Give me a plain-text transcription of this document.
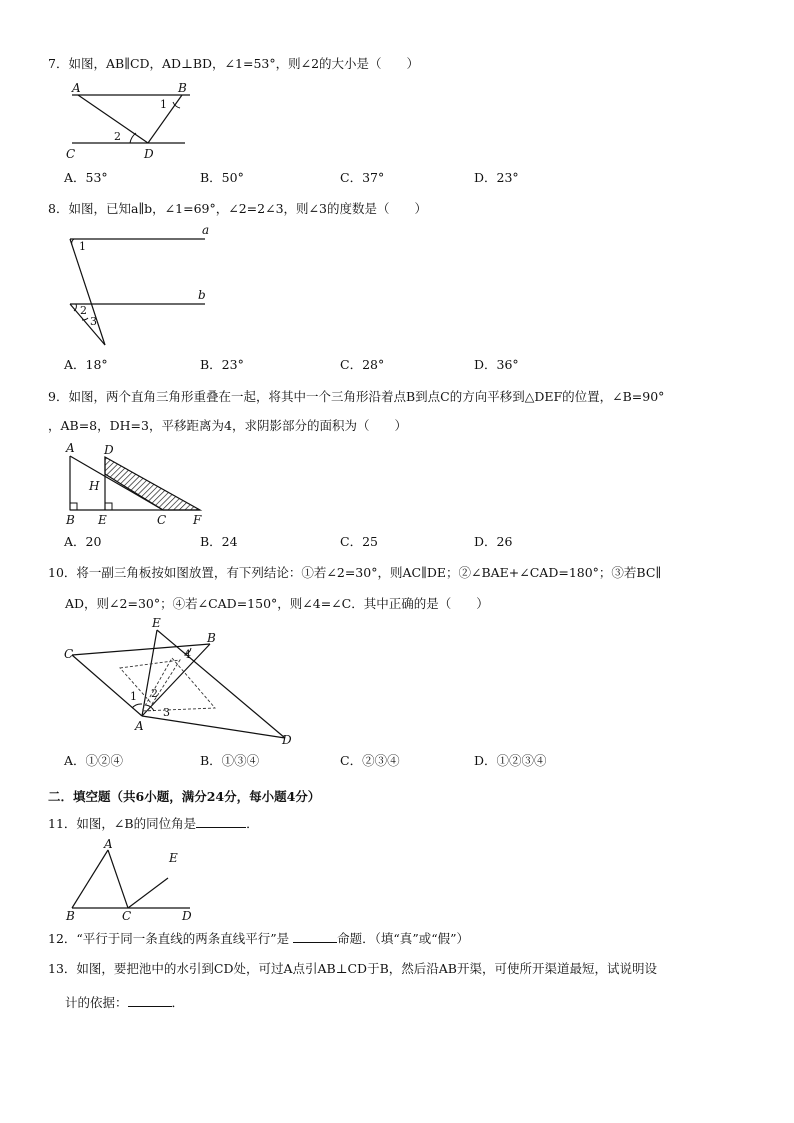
7．如图，AB∥CD，AD⊥BD，∠1=53°，则∠2的大小是（　　）
A	B
C	D
1
2
A．53°	B．50°	C．37°	D．23°
8．如图，已知a∥b，∠1=69°，∠2=2∠3，则∠3的度数是（　　）
a
b
1
2
3
A．18°	B．23°	C．28°	D．36°
9．如图，两个直角三角形重叠在一起，将其中一个三角形沿着点B到点C的方向平移到△DEF的位置，∠B=90°
，AB=8，DH=3，平移距离为4，求阴影部分的面积为（　　）
A D
H
B E	C F
A．20	B．24	C．25	D．26
10．将一副三角板按如图放置，有下列结论：①若∠2=30°，则AC∥DE；②∠BAE+∠CAD=180°；③若BC∥
AD，则∠2=30°；④若∠CAD=150°，则∠4=∠C．其中正确的是（　　）
C
E
B
A
D
1 2
3
4
A．①②④	B．①③④	C．②③④	D．①②③④
二．填空题（共6小题，满分24分，每小题4分）
11．如图，∠B的同位角是	．
A
E
B	C	D
12．“平行于同一条直线的两条直线平行”是	命题．（填“真”或“假”）
13．如图，要把池中的水引到CD处，可过A点引AB⊥CD于B，然后沿AB开渠，可使所开渠道最短，试说明设
计的依据：	．
